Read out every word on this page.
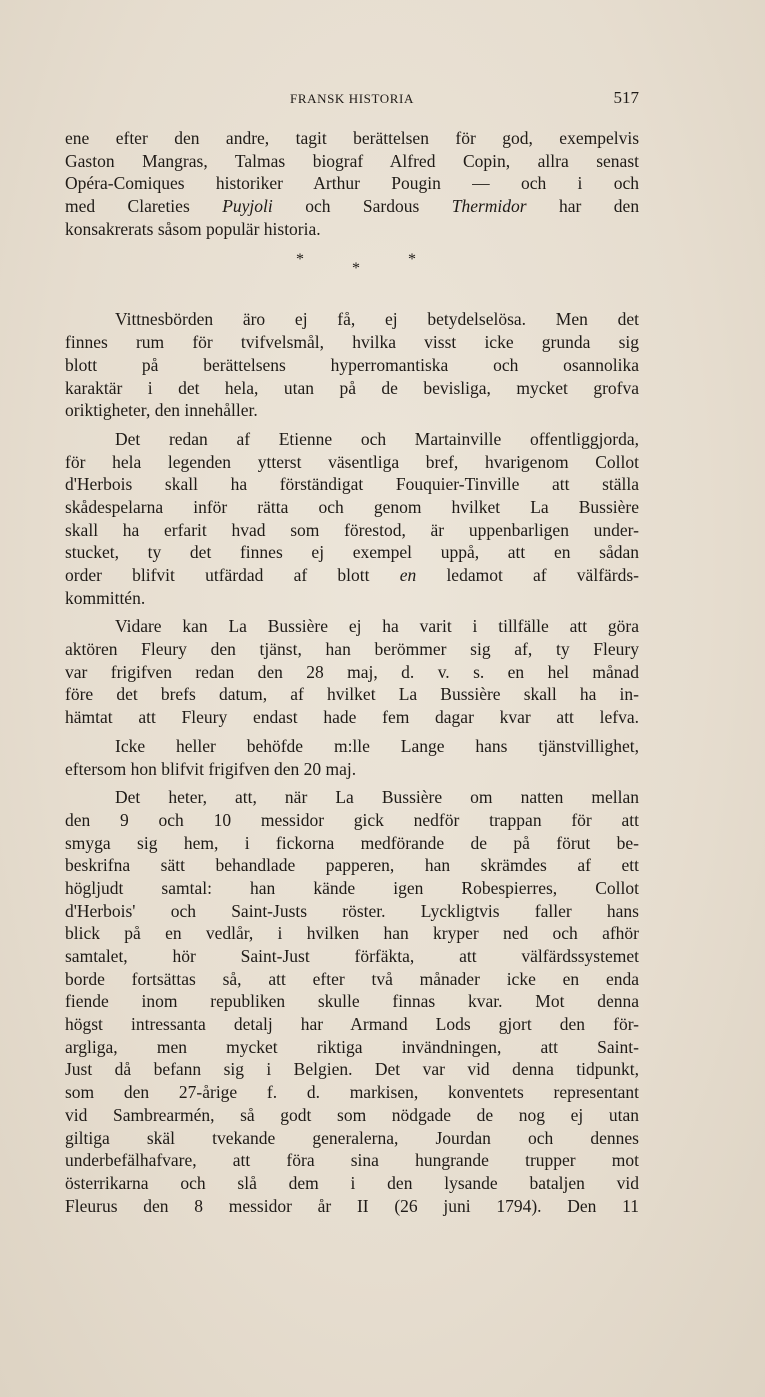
FRANSK HISTORIA	517
ene efter den andre, tagit berättelsen för god, exempelvis
Gaston Mangras, Talmas biograf Alfred Copin, allra senast
Opéra-Comiques historiker Arthur Pougin — och i och
med Clareties Puyjoli och Sardous Thermidor har den
konsakrerats såsom populär historia.
*
*
*
Vittnesbörden äro ej få, ej betydelselösa. Men det
finnes rum för tvifvelsmål, hvilka visst icke grunda sig
blott på berättelsens hyperromantiska och osannolika
karaktär i det hela, utan på de bevisliga, mycket grofva
oriktigheter, den innehåller.
Det redan af Etienne och Martainville offentliggjorda,
för hela legenden ytterst väsentliga bref, hvarigenom Collot
d'Herbois skall ha förständigat Fouquier-Tinville att ställa
skådespelarna inför rätta och genom hvilket La Bussière
skall ha erfarit hvad som förestod, är uppenbarligen under-
stucket, ty det finnes ej exempel uppå, att en sådan
order blifvit utfärdad af blott en ledamot af välfärds-
kommittén.
Vidare kan La Bussière ej ha varit i tillfälle att göra
aktören Fleury den tjänst, han berömmer sig af, ty Fleury
var frigifven redan den 28 maj, d. v. s. en hel månad
före det brefs datum, af hvilket La Bussière skall ha in-
hämtat att Fleury endast hade fem dagar kvar att lefva.
Icke heller behöfde m:lle Lange hans tjänstvillighet,
eftersom hon blifvit frigifven den 20 maj.
Det heter, att, när La Bussière om natten mellan
den 9 och 10 messidor gick nedför trappan för att
smyga sig hem, i fickorna medförande de på förut be-
beskrifna sätt behandlade papperen, han skrämdes af ett
högljudt samtal: han kände igen Robespierres, Collot
d'Herbois' och Saint-Justs röster. Lyckligtvis faller hans
blick på en vedlår, i hvilken han kryper ned och afhör
samtalet, hör Saint-Just förfäkta, att välfärdssystemet
borde fortsättas så, att efter två månader icke en enda
fiende inom republiken skulle finnas kvar. Mot denna
högst intressanta detalj har Armand Lods gjort den för-
argliga, men mycket riktiga invändningen, att Saint-
Just då befann sig i Belgien. Det var vid denna tidpunkt,
som den 27-årige f. d. markisen, konventets representant
vid Sambrearmén, så godt som nödgade de nog ej utan
giltiga skäl tvekande generalerna, Jourdan och dennes
underbefälhafvare, att föra sina hungrande trupper mot
österrikarna och slå dem i den lysande bataljen vid
Fleurus den 8 messidor år II (26 juni 1794). Den 11
